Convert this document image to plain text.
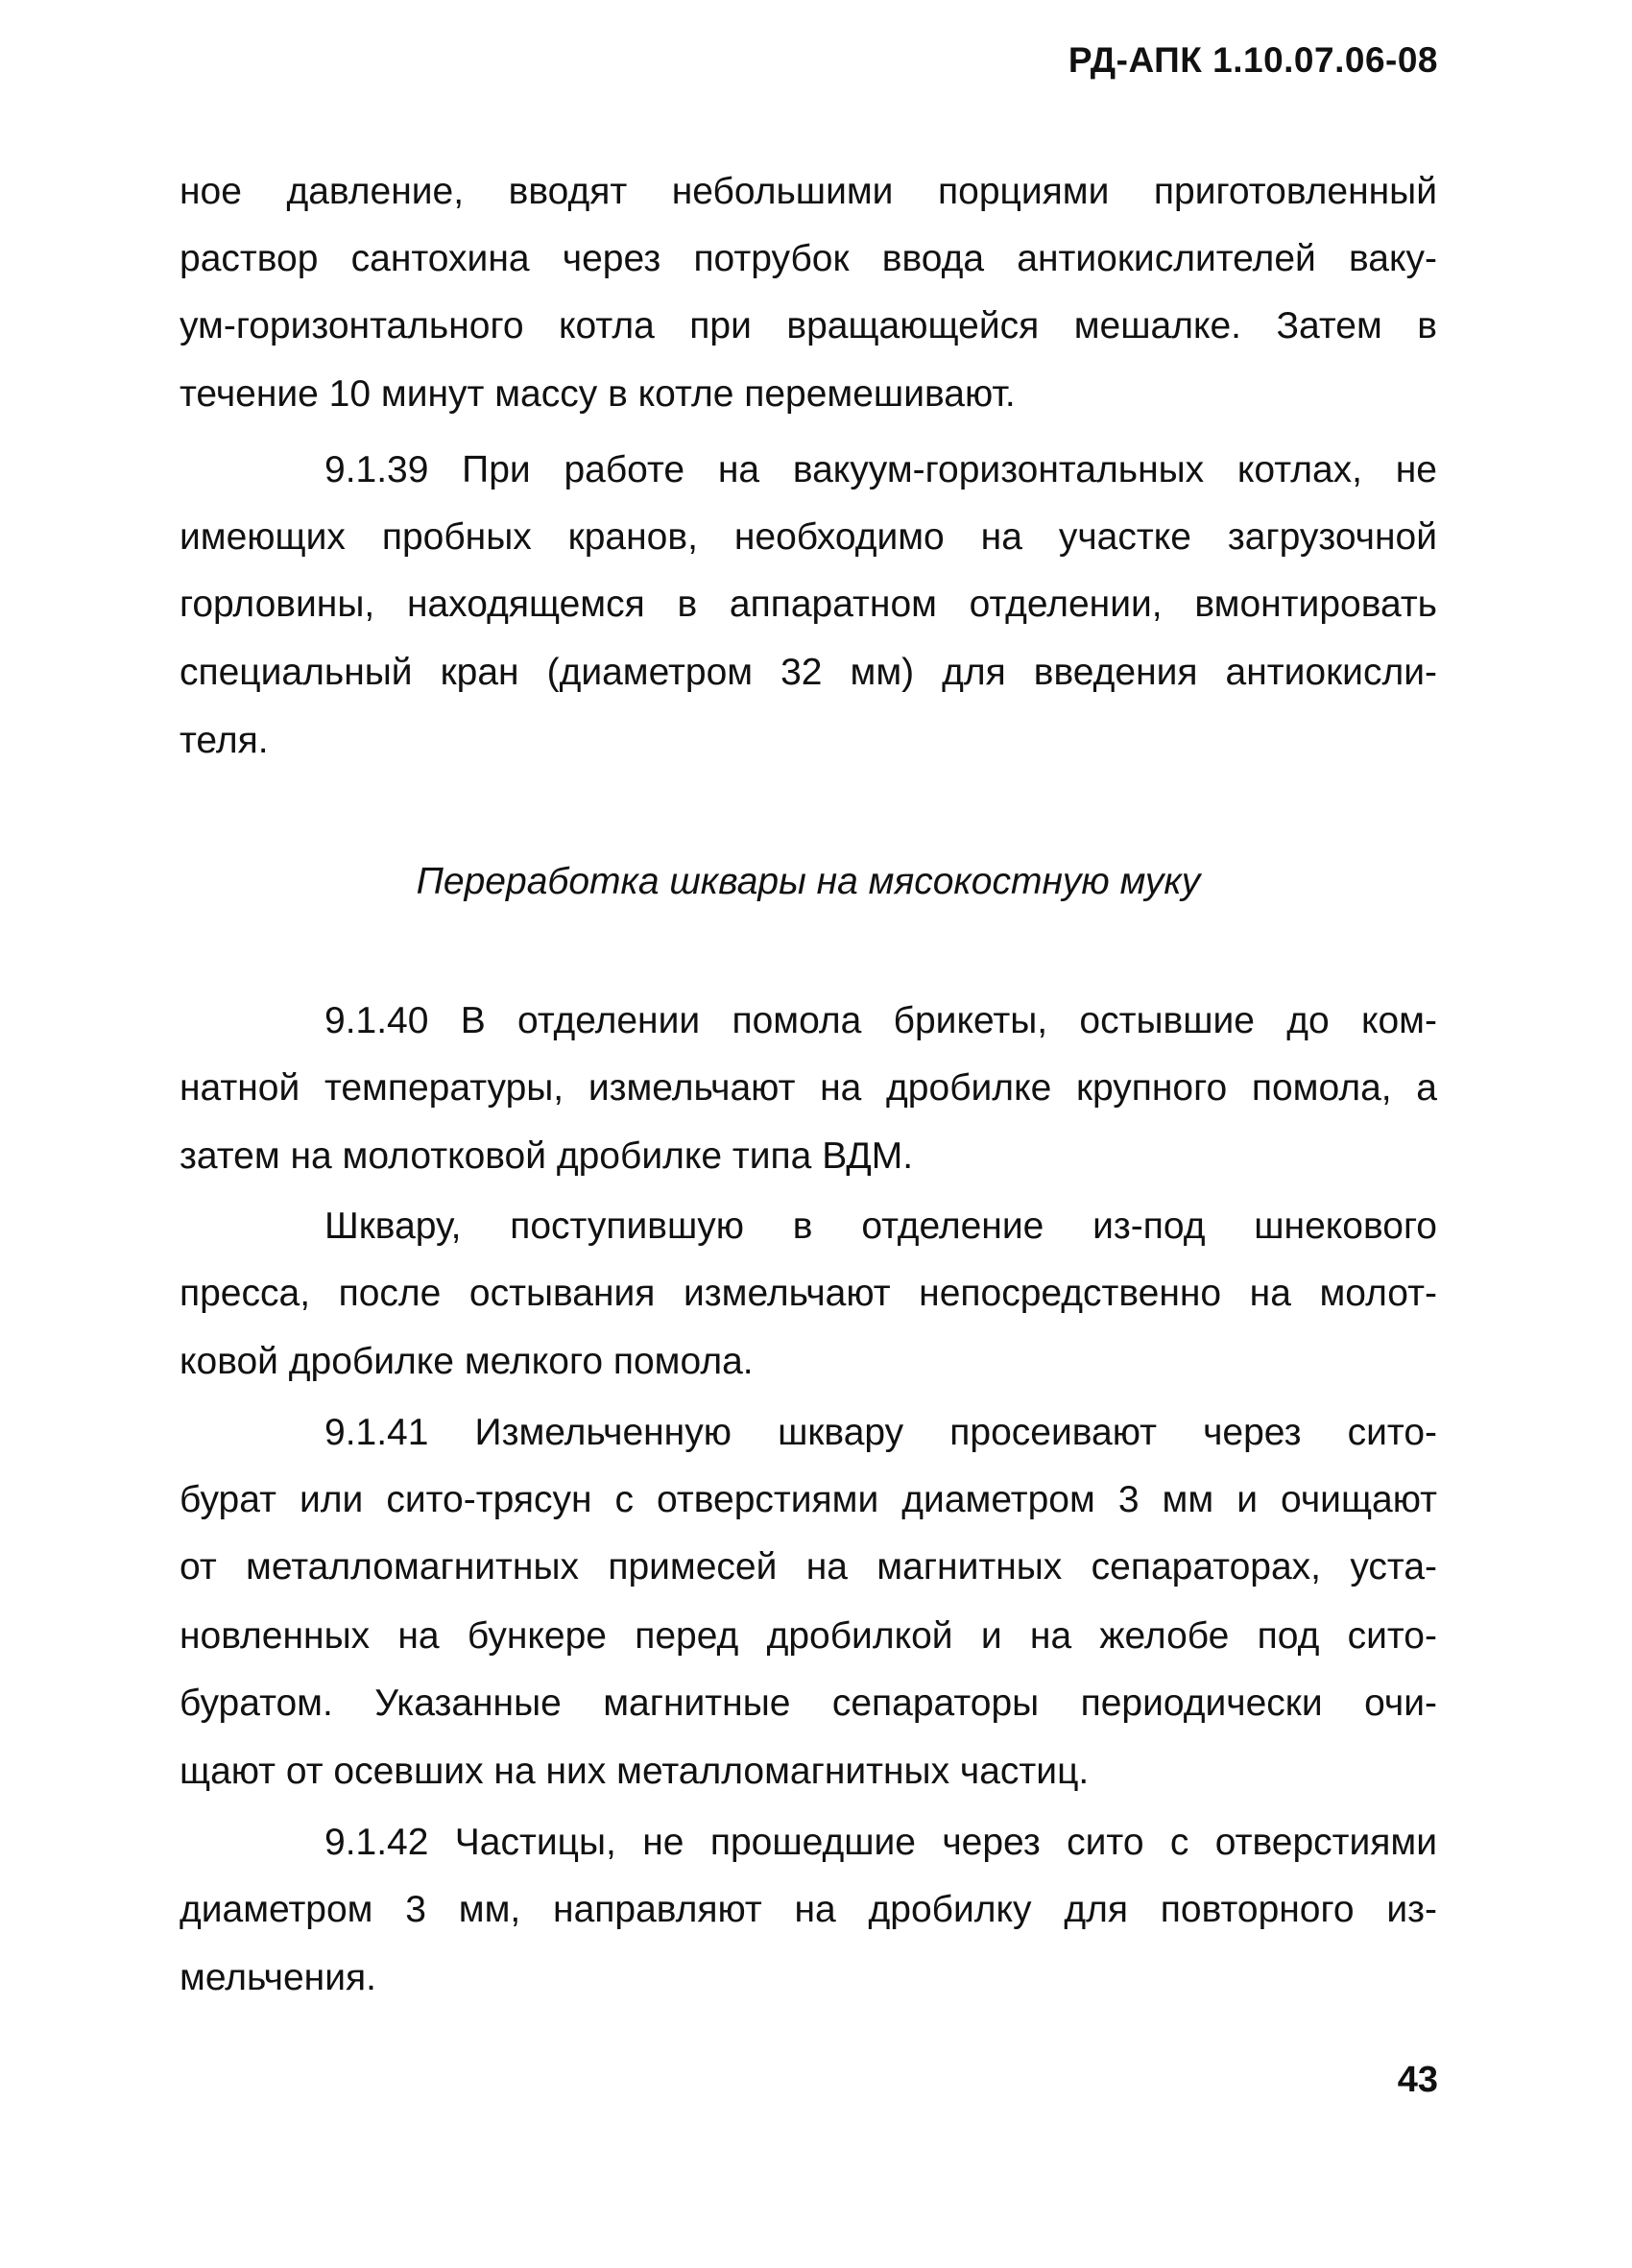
РД-АПК 1.10.07.06-08
ное давление, вводят небольшими порциями приготовленный
раствор сантохина через потрубок ввода антиокислителей ваку-
ум-горизонтального котла при вращающейся мешалке. Затем в
течение 10 минут массу в котле перемешивают.
9.1.39 При работе на вакуум-горизонтальных котлах, не
имеющих пробных кранов, необходимо на участке загрузочной
горловины, находящемся в аппаратном отделении, вмонтировать
специальный кран (диаметром 32 мм) для введения антиокисли-
теля.
Переработка шквары на мясокостную муку
9.1.40 В отделении помола брикеты, остывшие до ком-
натной температуры, измельчают на дробилке крупного помола, а
затем на молотковой дробилке типа ВДМ.
Шквару, поступившую в отделение из-под шнекового
пресса, после остывания измельчают непосредственно на молот-
ковой дробилке мелкого помола.
9.1.41 Измельченную шквару просеивают через сито-
бурат или сито-трясун с отверстиями диаметром 3 мм и очищают
от металломагнитных примесей на магнитных сепараторах, уста-
новленных на бункере перед дробилкой и на желобе под сито-
буратом. Указанные магнитные сепараторы периодически очи-
щают от осевших на них металломагнитных частиц.
9.1.42 Частицы, не прошедшие через сито с отверстиями
диаметром 3 мм, направляют на дробилку для повторного из-
мельчения.
43
